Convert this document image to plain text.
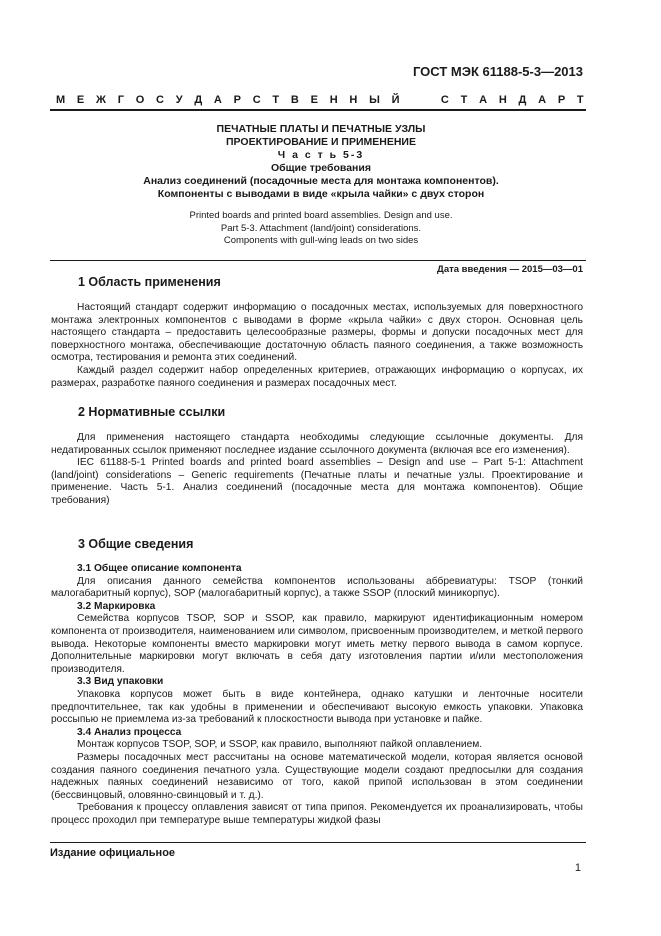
ГОСТ МЭК 61188-5-3—2013
М Е Ж Г О С У Д А Р С Т В Е Н Н Ы Й

	С Т А Н Д А Р Т
ПЕЧАТНЫЕ ПЛАТЫ И ПЕЧАТНЫЕ УЗЛЫ
ПРОЕКТИРОВАНИЕ И ПРИМЕНЕНИЕ
Ч а с т ь 5-3
Общие требования
Анализ соединений (посадочные места для монтажа компонентов).
Компоненты с выводами в виде «крыла чайки» с двух сторон
Printed boards and printed board assemblies. Design and use.
Part 5-3. Attachment (land/joint) considerations.
Components with gull-wing leads on two sides
Дата введения — 2015—03—01
1 Область применения

Настоящий стандарт содержит информацию о посадочных местах, используемых для поверхностного монтажа электронных компонентов с выводами в форме «крыла чайки» с двух сторон. Основная цель настоящего стандарта – предоставить целесообразные размеры, формы и допуски посадочных мест для поверхностного монтажа, обеспечивающие достаточную область паяного соединения, а также возможность осмотра, тестирования и ремонта этих соединений.

Каждый раздел содержит набор определенных критериев, отражающих информацию о корпусах, их размерах, разработке паяного соединения и размерах посадочных мест.

2 Нормативные ссылки

Для применения настоящего стандарта необходимы следующие ссылочные документы. Для недатированных ссылок применяют последнее издание ссылочного документа (включая все его изменения).

IEC 61188-5-1 Printed boards and printed board assemblies – Design and use – Part 5-1: Attachment (land/joint) considerations – Generic requirements (Печатные платы и печатные узлы. Проектирование и применение. Часть 5-1. Анализ соединений (посадочные места для монтажа компонентов). Общие требования)

3 Общие сведения

3.1 Общее описание компонента

Для описания данного семейства компонентов использованы аббревиатуры: TSOP (тонкий малогабаритный корпус), SOP (малогабаритный корпус), а также SSOP (плоский миникорпус).

3.2 Маркировка

Семейства корпусов TSOP, SOP и SSOP, как правило, маркируют идентификационным номером компонента от производителя, наименованием или символом, присвоенным производителем, и меткой первого вывода. Некоторые компоненты вместо маркировки могут иметь метку первого вывода в самом корпусе. Дополнительные маркировки могут включать в себя дату изготовления партии и/или местоположения производителя.

3.3 Вид упаковки

Упаковка корпусов может быть в виде контейнера, однако катушки и ленточные носители предпочтительнее, так как удобны в применении и обеспечивают высокую емкость упаковки. Упаковка россыпью не приемлема из-за требований к плоскостности вывода при установке и пайке.

3.4 Анализ процесса

Монтаж корпусов TSOP, SOP, и SSOP, как правило, выполняют пайкой оплавлением.

Размеры посадочных мест рассчитаны на основе математической модели, которая является основой создания паяного соединения печатного узла. Существующие модели создают предпосылки для создания надежных паяных соединений независимо от того, какой припой использован в этом соединении (бессвинцовый, оловянно-свинцовый и т. д.).

Требования к процессу оплавления зависят от типа припоя. Рекомендуется их проанализировать, чтобы процесс проходил при температуре выше температуры жидкой фазы

Издание официальное
1
